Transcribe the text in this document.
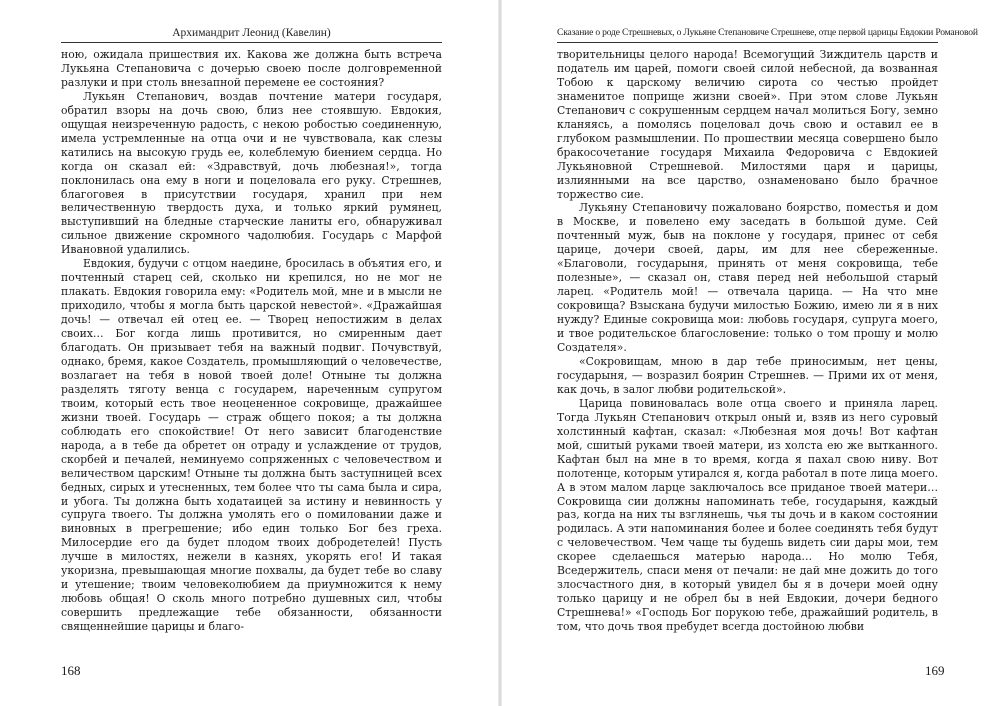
Архимандрит Леонид (Кавелин)

ною, ожидала пришествия их. Какова же должна быть встреча Лукьяна Степановича с дочерью своею после долговременной разлуки и при столь внезапной перемене ее состояния?

Лукьян Степанович, воздав почтение матери государя, обратил взоры на дочь свою, близ нее стоявшую. Евдокия, ощущая неизреченную радость, с некою робостью соединенную, имела устремленные на отца очи и не чувствовала, как слезы катились на высокую грудь ее, колеблемую биением сердца. Но когда он сказал ей: «Здравствуй, дочь любезная!», тогда поклонилась она ему в ноги и поцеловала его руку. Стрешнев, благоговея в присутствии государя, хранил при нем величественную твердость духа, и только яркий румянец, выступивший на бледные старческие ланиты его, обнаруживал сильное движение скромного чадолюбия. Государь с Марфой Ивановной удалились.

Евдокия, будучи с отцом наедине, бросилась в объятия его, и почтенный старец сей, сколько ни крепился, но не мог не плакать. Евдокия говорила ему: «Родитель мой, мне и в мысли не приходило, чтобы я могла быть царской невестой». «Дражайшая дочь! — отвечал ей отец ее. — Творец непостижим в делах своих… Бог когда лишь противится, но смиренным дает благодать. Он призывает тебя на важный подвиг. Почувствуй, однако, бремя, какое Создатель, промышляющий о человечестве, возлагает на тебя в новой твоей доле! Отныне ты должна разделять тяготу венца с государем, нареченным супругом твоим, который есть твое неоцененное сокровище, дражайшее жизни твоей. Государь — страж общего покоя; а ты должна соблюдать его спокойствие! От него зависит благоденствие народа, а в тебе да обретет он отраду и услаждение от трудов, скорбей и печалей, неминуемо сопряженных с человечеством и величеством царским! Отныне ты должна быть заступницей всех бедных, сирых и утесненных, тем более что ты сама была и сира, и убога. Ты должна быть ходатаицей за истину и невинность у супруга твоего. Ты должна умолять его о помиловании даже и виновных в прегрешение; ибо един только Бог без греха. Милосердие его да будет плодом твоих добродетелей! Пусть лучше в милостях, нежели в казнях, укорять его! И такая укоризна, превышающая многие похвалы, да будет тебе во славу и утешение; твоим человеколюбием да приумножится к нему любовь общая! О сколь много потребно душевных сил, чтобы совершить предлежащие тебе обязанности, обязанности священнейшие царицы и благо-

168
Сказание о роде Стрешневых, о Лукьяне Степановиче Стрешневе, отце первой царицы Евдокии Романовой

творительницы целого народа! Всемогущий Зиждитель царств и податель им царей, помоги своей силой небесной, да возванная Тобою к царскому величию сирота со честью пройдет знаменитое поприще жизни своей». При этом слове Лукьян Степанович с сокрушенным сердцем начал молиться Богу, земно кланяясь, а помолясь поцеловал дочь свою и оставил ее в глубоком размышлении. По прошествии месяца совершено было бракосочетание государя Михаила Федоровича с Евдокией Лукьяновной Стрешневой. Милостями царя и царицы, излиянными на все царство, ознаменовано было брачное торжество сие.

Лукьяну Степановичу пожаловано боярство, поместья и дом в Москве, и повелено ему заседать в большой думе. Сей почтенный муж, быв на поклоне у государя, принес от себя царице, дочери своей, дары, им для нее сбереженные. «Благоволи, государыня, принять от меня сокровища, тебе полезные», — сказал он, ставя перед ней небольшой старый ларец. «Родитель мой! — отвечала царица. — На что мне сокровища? Взыскана будучи милостью Божию, имею ли я в них нужду? Единые сокровища мои: любовь государя, супруга моего, и твое родительское благословение: только о том прошу и молю Создателя».

«Сокровищам, мною в дар тебе приносимым, нет цены, государыня, — возразил боярин Стрешнев. — Прими их от меня, как дочь, в залог любви родительской».

Царица повиновалась воле отца своего и приняла ларец. Тогда Лукьян Степанович открыл оный и, взяв из него суровый холстинный кафтан, сказал: «Любезная моя дочь! Вот кафтан мой, сшитый руками твоей матери, из холста ею же вытканного. Кафтан был на мне в то время, когда я пахал свою ниву. Вот полотенце, которым утирался я, когда работал в поте лица моего. А в этом малом ларце заключалось все приданое твоей матери… Сокровища сии должны напоминать тебе, государыня, каждый раз, когда на них ты взглянешь, чья ты дочь и в каком состоянии родилась. А эти напоминания более и более соединять тебя будут с человечеством. Чем чаще ты будешь видеть сии дары мои, тем скорее сделаешься матерью народа… Но молю Тебя, Вседержитель, спаси меня от печали: не дай мне дожить до того злосчастного дня, в который увидел бы я в дочери моей одну только царицу и не обрел бы в ней Евдокии, дочери бедного Стрешнева!» «Господь Бог порукою тебе, дражайший родитель, в том, что дочь твоя пребудет всегда достойною любви

169
